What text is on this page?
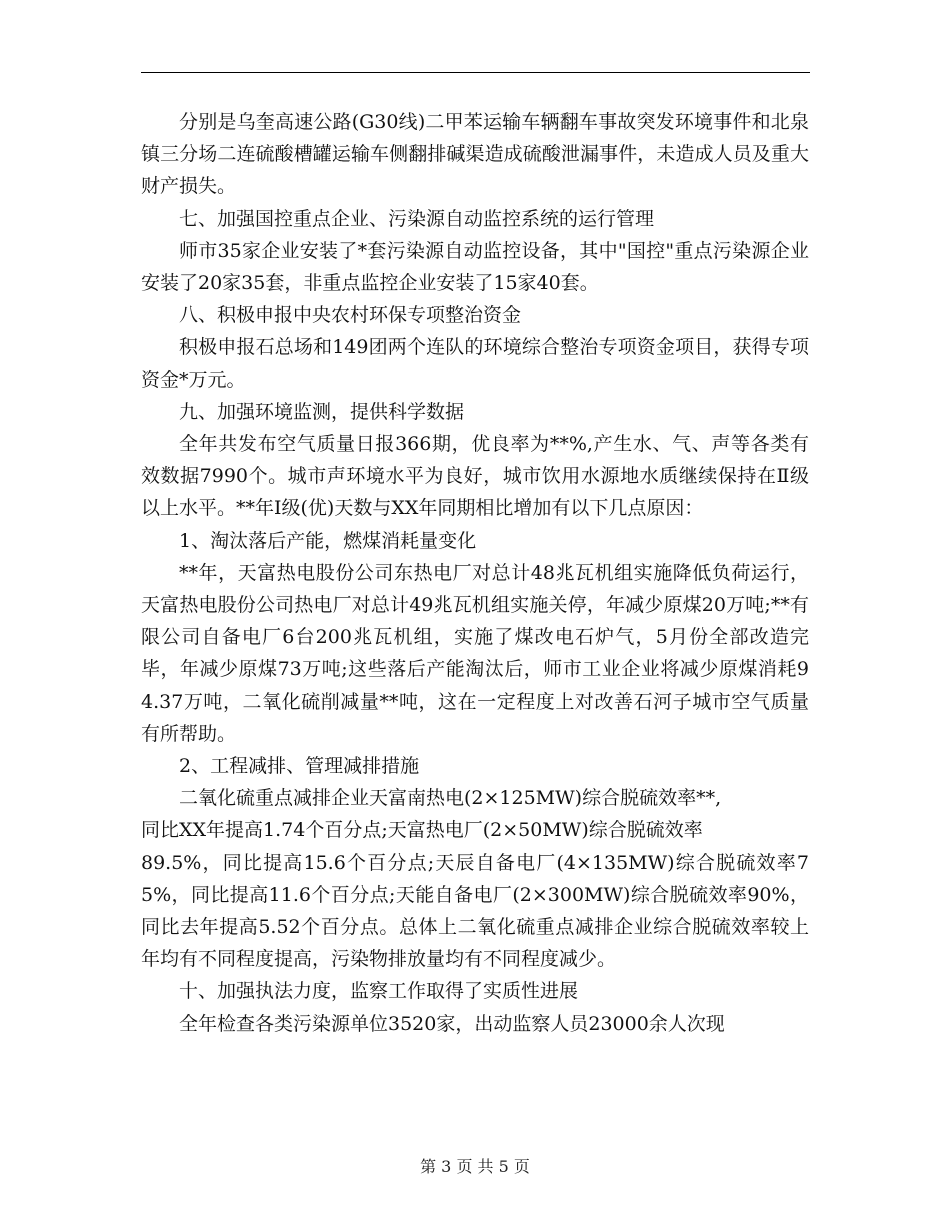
分别是乌奎高速公路(G30线)二甲苯运输车辆翻车事故突发环境事件和北泉镇三分场二连硫酸槽罐运输车侧翻排碱渠造成硫酸泄漏事件，未造成人员及重大财产损失。

七、加强国控重点企业、污染源自动监控系统的运行管理

师市35家企业安装了*套污染源自动监控设备，其中"国控"重点污染源企业安装了20家35套，非重点监控企业安装了15家40套。

八、积极申报中央农村环保专项整治资金

积极申报石总场和149团两个连队的环境综合整治专项资金项目，获得专项资金*万元。

九、加强环境监测，提供科学数据

全年共发布空气质量日报366期，优良率为**%,产生水、气、声等各类有效数据7990个。城市声环境水平为良好，城市饮用水源地水质继续保持在Ⅱ级以上水平。**年Ⅰ级(优)天数与XX年同期相比增加有以下几点原因：

1、淘汰落后产能，燃煤消耗量变化

**年，天富热电股份公司东热电厂对总计48兆瓦机组实施降低负荷运行，天富热电股份公司热电厂对总计49兆瓦机组实施关停，年减少原煤20万吨;**有限公司自备电厂6台200兆瓦机组，实施了煤改电石炉气，5月份全部改造完毕，年减少原煤73万吨;这些落后产能淘汰后，师市工业企业将减少原煤消耗94.37万吨，二氧化硫削减量**吨，这在一定程度上对改善石河子城市空气质量有所帮助。

2、工程减排、管理减排措施

二氧化硫重点减排企业天富南热电(2×125MW)综合脱硫效率**,

同比XX年提高1.74个百分点;天富热电厂(2×50MW)综合脱硫效率

89.5%，同比提高15.6个百分点;天辰自备电厂(4×135MW)综合脱硫效率75%，同比提高11.6个百分点;天能自备电厂(2×300MW)综合脱硫效率90%，同比去年提高5.52个百分点。总体上二氧化硫重点减排企业综合脱硫效率较上年均有不同程度提高，污染物排放量均有不同程度减少。

十、加强执法力度，监察工作取得了实质性进展

全年检查各类污染源单位3520家，出动监察人员23000余人次现

第 3 页 共 5 页
